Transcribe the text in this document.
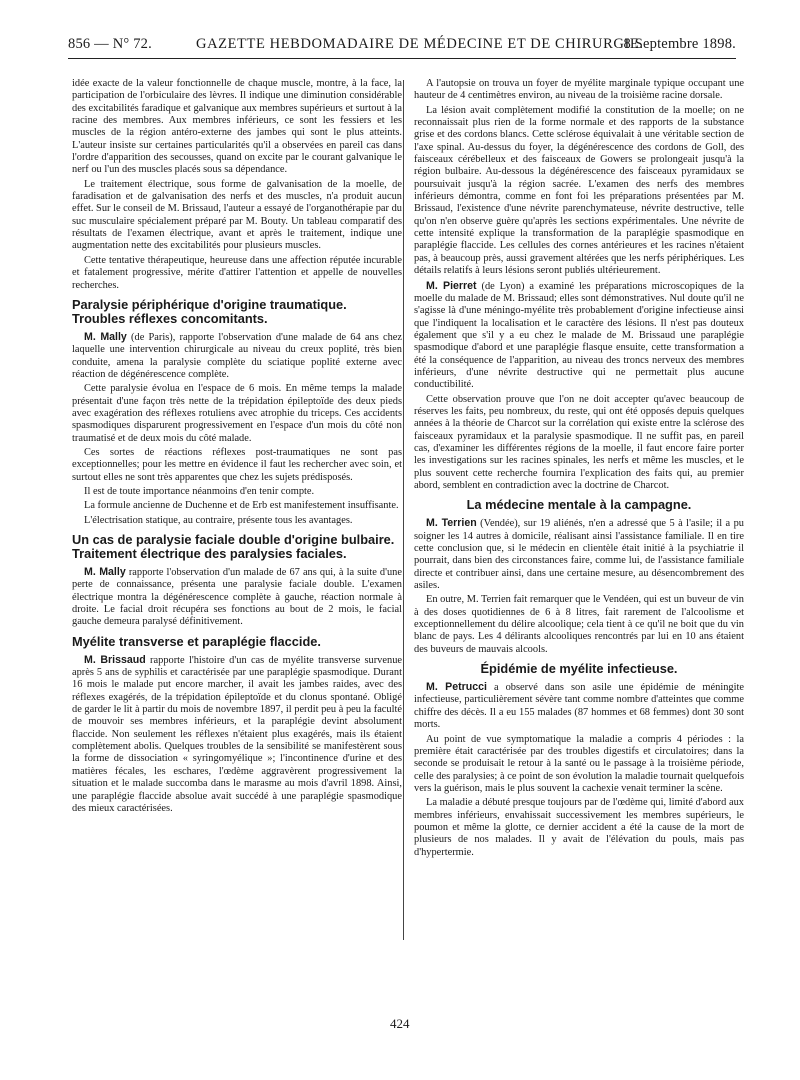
856 — N° 72.	GAZETTE HEBDOMADAIRE DE MÉDECINE ET DE CHIRURGIE.
8 Septembre 1898.

idée exacte de la valeur fonctionnelle de chaque muscle, montre, à la face, la participation de l'orbiculaire des lèvres. Il indique une diminution considérable des excitabilités faradique et galvanique aux membres supérieurs et surtout à la racine des membres. Aux membres inférieurs, ce sont les fessiers et les muscles de la région antéro-externe des jambes qui sont le plus atteints. L'auteur insiste sur certaines particularités qu'il a observées en pareil cas dans l'ordre d'apparition des secousses, quand on excite par le courant galvanique le nerf ou l'un des muscles placés sous sa dépendance.

Le traitement électrique, sous forme de galvanisation de la moelle, de faradisation et de galvanisation des nerfs et des muscles, n'a produit aucun effet. Sur le conseil de M. Brissaud, l'auteur a essayé de l'organothérapie par du suc musculaire spécialement préparé par M. Bouty. Un tableau comparatif des résultats de l'examen électrique, avant et après le traitement, indique une augmentation nette des excitabilités pour plusieurs muscles.

Cette tentative thérapeutique, heureuse dans une affection réputée incurable et fatalement progressive, mérite d'attirer l'attention et appelle de nouvelles recherches.

Paralysie périphérique d'origine traumatique. Troubles réflexes concomitants.

M. Mally (de Paris), rapporte l'observation d'une malade de 64 ans chez laquelle une intervention chirurgicale au niveau du creux poplité, très bien conduite, amena la paralysie complète du sciatique poplité externe avec réaction de dégénérescence complète.

Cette paralysie évolua en l'espace de 6 mois. En même temps la malade présentait d'une façon très nette de la trépidation épileptoïde des deux pieds avec exagération des réflexes rotuliens avec atrophie du triceps. Ces accidents spasmodiques disparurent progressivement en l'espace d'un mois du côté non traumatisé et de deux mois du côté malade.

Ces sortes de réactions réflexes post-traumatiques ne sont pas exceptionnelles; pour les mettre en évidence il faut les rechercher avec soin, et surtout elles ne sont très apparentes que chez les sujets prédisposés.

Il est de toute importance néanmoins d'en tenir compte.

La formule ancienne de Duchenne et de Erb est manifestement insuffisante.

L'électrisation statique, au contraire, présente tous les avantages.

Un cas de paralysie faciale double d'origine bulbaire. Traitement électrique des paralysies faciales.

M. Mally rapporte l'observation d'un malade de 67 ans qui, à la suite d'une perte de connaissance, présenta une paralysie faciale double. L'examen électrique montra la dégénérescence complète à gauche, réaction normale à droite. Le facial droit récupéra ses fonctions au bout de 2 mois, le facial gauche demeura paralysé définitivement.

Myélite transverse et paraplégie flaccide.

M. Brissaud rapporte l'histoire d'un cas de myélite transverse survenue après 5 ans de syphilis et caractérisée par une paraplégie spasmodique. Durant 16 mois le malade put encore marcher, il avait les jambes raides, avec des réflexes exagérés, de la trépidation épileptoïde et du clonus spontané. Obligé de garder le lit à partir du mois de novembre 1897, il perdit peu à peu la faculté de mouvoir ses membres inférieurs, et la paraplégie devint absolument flaccide. Non seulement les réflexes n'étaient plus exagérés, mais ils étaient complètement abolis. Quelques troubles de la sensibilité se manifestèrent sous la forme de dissociation « syringomyélique »; l'incontinence d'urine et des matières fécales, les eschares, l'œdème aggravèrent progressivement la situation et le malade succomba dans le marasme au mois d'avril 1898. Ainsi, une paraplégie flaccide absolue avait succédé à une paraplégie spasmodique des mieux caractérisées.

A l'autopsie on trouva un foyer de myélite marginale typique occupant une hauteur de 4 centimètres environ, au niveau de la troisième racine dorsale.

La lésion avait complètement modifié la constitution de la moelle; on ne reconnaissait plus rien de la forme normale et des rapports de la substance grise et des cordons blancs. Cette sclérose équivalait à une véritable section de l'axe spinal. Au-dessus du foyer, la dégénérescence des cordons de Goll, des faisceaux cérébelleux et des faisceaux de Gowers se prolongeait jusqu'à la région bulbaire. Au-dessous la dégénérescence des faisceaux pyramidaux se poursuivait jusqu'à la région sacrée. L'examen des nerfs des membres inférieurs démontra, comme en font foi les préparations présentées par M. Brissaud, l'existence d'une névrite parenchymateuse, névrite destructive, telle qu'on n'en observe guère qu'après les sections expérimentales. Une névrite de cette intensité explique la transformation de la paraplégie spasmodique en paraplégie flaccide. Les cellules des cornes antérieures et les racines n'étaient pas, à beaucoup près, aussi gravement altérées que les nerfs périphériques. Les détails relatifs à leurs lésions seront publiés ultérieurement.

M. Pierret (de Lyon) a examiné les préparations microscopiques de la moelle du malade de M. Brissaud; elles sont démonstratives. Nul doute qu'il ne s'agisse là d'une méningo-myélite très probablement d'origine infectieuse ainsi que l'indiquent la localisation et le caractère des lésions. Il n'est pas douteux également que s'il y a eu chez le malade de M. Brissaud une paraplégie spasmodique d'abord et une paraplégie flasque ensuite, cette transformation a été la conséquence de l'apparition, au niveau des troncs nerveux des membres inférieurs, d'une névrite destructive qui ne permettait plus aucune conductibilité.

Cette observation prouve que l'on ne doit accepter qu'avec beaucoup de réserves les faits, peu nombreux, du reste, qui ont été opposés depuis quelques années à la théorie de Charcot sur la corrélation qui existe entre la sclérose des faisceaux pyramidaux et la paralysie spasmodique. Il ne suffit pas, en pareil cas, d'examiner les différentes régions de la moelle, il faut encore faire porter les investigations sur les racines spinales, les nerfs et même les muscles, et le plus souvent cette recherche fournira l'explication des faits qui, au premier abord, semblent en contradiction avec la doctrine de Charcot.

La médecine mentale à la campagne.

M. Terrien (Vendée), sur 19 aliénés, n'en a adressé que 5 à l'asile; il a pu soigner les 14 autres à domicile, réalisant ainsi l'assistance familiale. Il en tire cette conclusion que, si le médecin en clientèle était initié à la psychiatrie il pourrait, dans bien des circonstances faire, comme lui, de l'assistance familiale directe et contribuer ainsi, dans une certaine mesure, au désencombrement des asiles.

En outre, M. Terrien fait remarquer que le Vendéen, qui est un buveur de vin à des doses quotidiennes de 6 à 8 litres, fait rarement de l'alcoolisme et exceptionnellement du délire alcoolique; cela tient à ce qu'il ne boit que du vin blanc de pays. Les 4 délirants alcooliques rencontrés par lui en 10 ans étaient des buveurs de mauvais alcools.

Épidémie de myélite infectieuse.

M. Petrucci a observé dans son asile une épidémie de méningite infectieuse, particulièrement sévère tant comme nombre d'atteintes que comme chiffre des décès. Il a eu 155 malades (87 hommes et 68 femmes) dont 30 sont morts.

Au point de vue symptomatique la maladie a compris 4 périodes : la première était caractérisée par des troubles digestifs et circulatoires; dans la seconde se produisait le retour à la santé ou le passage à la troisième période, celle des paralysies; à ce point de son évolution la maladie tournait quelquefois vers la guérison, mais le plus souvent la cachexie venait terminer la scène.

La maladie a débuté presque toujours par de l'œdème qui, limité d'abord aux membres inférieurs, envahissait successivement les membres supérieurs, le poumon et même la glotte, ce dernier accident a été la cause de la mort de plusieurs de nos malades. Il y avait de l'élévation du pouls, mais pas d'hypertermie.

424
